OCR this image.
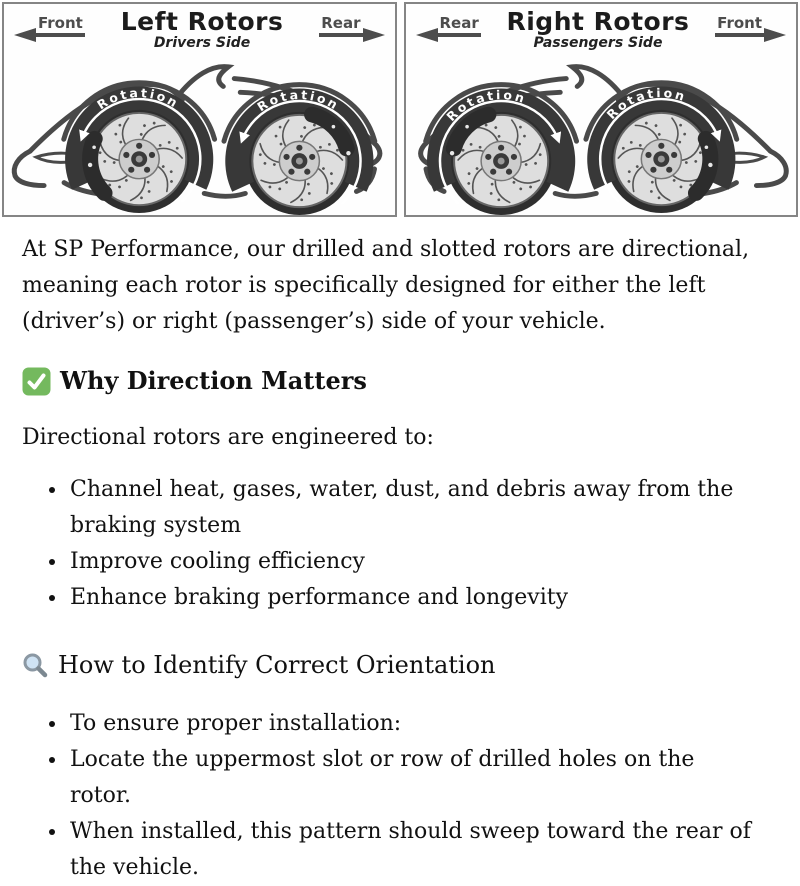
Rotation	Rotation
Front	Left Rotors
Drivers Side
Rear
Rotation
Rotation
Rear	Right Rotors
Passengers Side
Front

At SP Performance, our drilled and slotted rotors are directional, meaning each rotor is specifically designed for either the left (driver’s) or right (passenger’s) side of your vehicle.

Why Direction Matters

Directional rotors are engineered to:

• Channel heat, gases, water, dust, and debris away from the braking system
• Improve cooling efficiency
• Enhance braking performance and longevity
How to Identify Correct Orientation
• To ensure proper installation:
• Locate the uppermost slot or row of drilled holes on the rotor.
• When installed, this pattern should sweep toward the rear of the vehicle.
